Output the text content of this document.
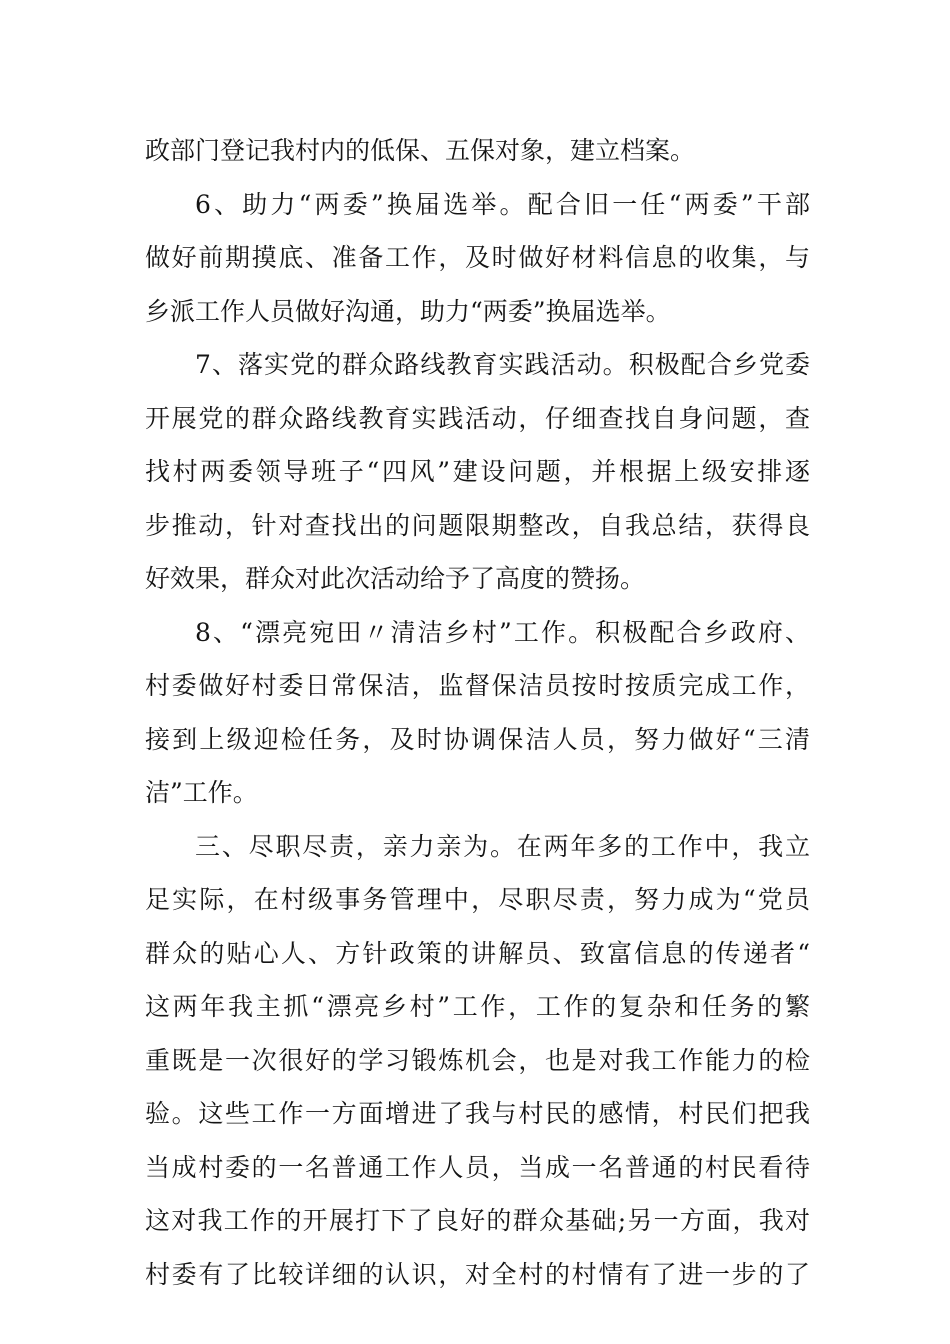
政部门登记我村内的低保、五保对象，建立档案。
6、助力“两委”换届选举。配合旧一任“两委”干部
做好前期摸底、准备工作，及时做好材料信息的收集，与
乡派工作人员做好沟通，助力“两委”换届选举。
7、落实党的群众路线教育实践活动。积极配合乡党委
开展党的群众路线教育实践活动，仔细查找自身问题，查
找村两委领导班子“四风”建设问题，并根据上级安排逐
步推动，针对查找出的问题限期整改，自我总结，获得良
好效果，群众对此次活动给予了高度的赞扬。
8、“漂亮宛田〃清洁乡村”工作。积极配合乡政府、
村委做好村委日常保洁，监督保洁员按时按质完成工作，
接到上级迎检任务，及时协调保洁人员，努力做好“三清
洁”工作。
三、尽职尽责，亲力亲为。在两年多的工作中，我立
足实际，在村级事务管理中，尽职尽责，努力成为“党员
群众的贴心人、方针政策的讲解员、致富信息的传递者“
这两年我主抓“漂亮乡村”工作，工作的复杂和任务的繁
重既是一次很好的学习锻炼机会，也是对我工作能力的检
验。这些工作一方面增进了我与村民的感情，村民们把我
当成村委的一名普通工作人员，当成一名普通的村民看待
这对我工作的开展打下了良好的群众基础;另一方面，我对
村委有了比较详细的认识，对全村的村情有了进一步的了
